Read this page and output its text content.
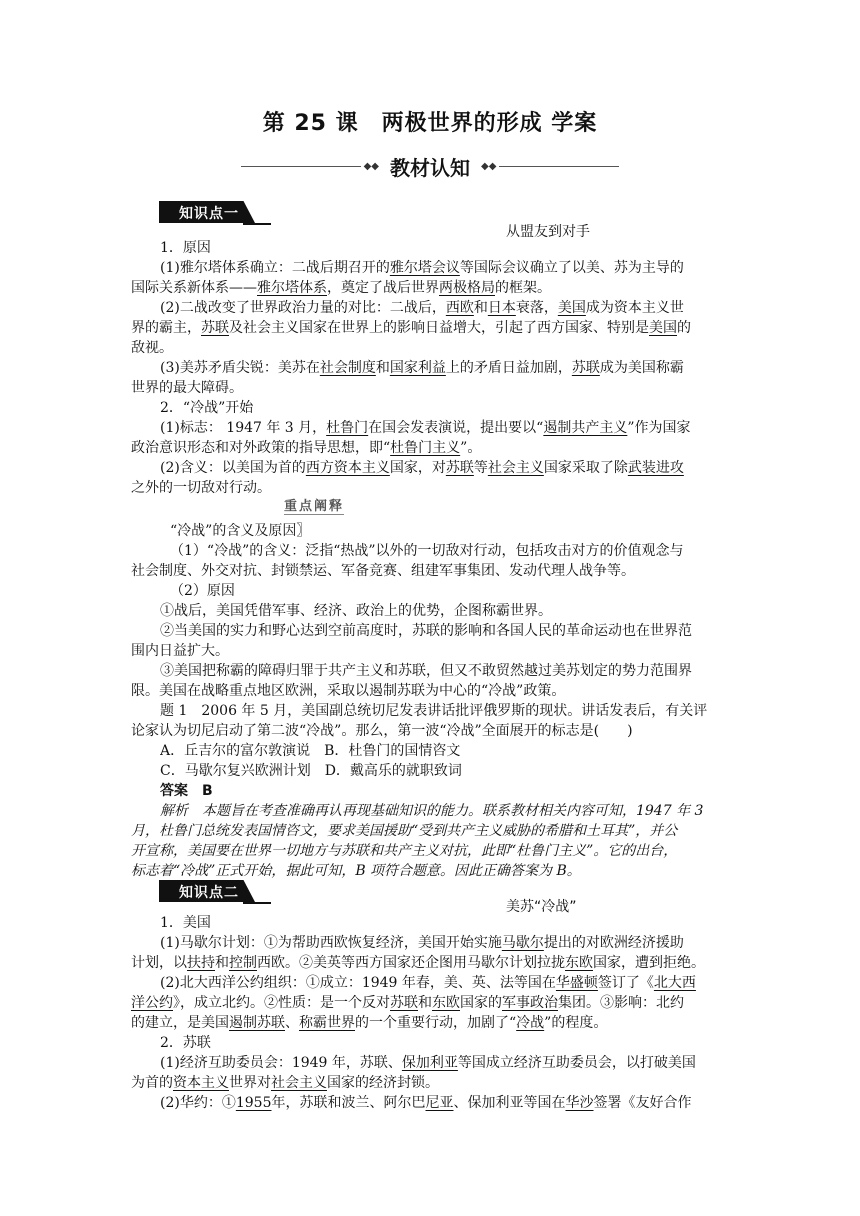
第 25 课　两极世界的形成 学案
◆◆ 教材认知 ◆◆
知识点一
从盟友到对手
1．原因
(1)雅尔塔体系确立：二战后期召开的雅尔塔会议等国际会议确立了以美、苏为主导的
国际关系新体系——雅尔塔体系，奠定了战后世界两极格局的框架。
(2)二战改变了世界政治力量的对比：二战后，西欧和日本衰落，美国成为资本主义世
界的霸主，苏联及社会主义国家在世界上的影响日益增大，引起了西方国家、特别是美国的
敌视。
(3)美苏矛盾尖锐：美苏在社会制度和国家利益上的矛盾日益加剧，苏联成为美国称霸
世界的最大障碍。
2．“冷战”开始
(1)标志： 1947 年 3 月，杜鲁门在国会发表演说，提出要以“遏制共产主义”作为国家
政治意识形态和对外政策的指导思想，即“杜鲁门主义”。
(2)含义：以美国为首的西方资本主义国家，对苏联等社会主义国家采取了除武装进攻
之外的一切敌对行动。
重点阐释
“冷战”的含义及原因〗
（1）“冷战”的含义：泛指“热战”以外的一切敌对行动，包括攻击对方的价值观念与
社会制度、外交对抗、封锁禁运、军备竞赛、组建军事集团、发动代理人战争等。
（2）原因
①战后，美国凭借军事、经济、政治上的优势，企图称霸世界。
②当美国的实力和野心达到空前高度时，苏联的影响和各国人民的革命运动也在世界范
围内日益扩大。
③美国把称霸的障碍归罪于共产主义和苏联，但又不敢贸然越过美苏划定的势力范围界
限。美国在战略重点地区欧洲，采取以遏制苏联为中心的“冷战”政策。
题 1　2006 年 5 月，美国副总统切尼发表讲话批评俄罗斯的现状。讲话发表后，有关评
论家认为切尼启动了第二波“冷战”。那么，第一波“冷战”全面展开的标志是(　　)
A．丘吉尔的富尔敦演说　B．杜鲁门的国情咨文
C．马歇尔复兴欧洲计划　D．戴高乐的就职致词
答案　B
解析　本题旨在考查准确再认再现基础知识的能力。联系教材相关内容可知，1947 年 3
月，杜鲁门总统发表国情咨文，要求美国援助“受到共产主义威胁的希腊和土耳其”，并公
开宣称，美国要在世界一切地方与苏联和共产主义对抗，此即“杜鲁门主义”。它的出台，
标志着“冷战”正式开始，据此可知，B 项符合题意。因此正确答案为 B。
知识点二
美苏“冷战”
1．美国
(1)马歇尔计划：①为帮助西欧恢复经济，美国开始实施马歇尔提出的对欧洲经济援助
计划，以扶持和控制西欧。②美英等西方国家还企图用马歇尔计划拉拢东欧国家，遭到拒绝。
(2)北大西洋公约组织：①成立：1949 年春，美、英、法等国在华盛顿签订了《北大西
洋公约》，成立北约。②性质：是一个反对苏联和东欧国家的军事政治集团。③影响：北约
的建立，是美国遏制苏联、称霸世界的一个重要行动，加剧了“冷战”的程度。
2．苏联
(1)经济互助委员会：1949 年，苏联、保加利亚等国成立经济互助委员会，以打破美国
为首的资本主义世界对社会主义国家的经济封锁。
(2)华约：①1955年，苏联和波兰、阿尔巴尼亚、保加利亚等国在华沙签署《友好合作
